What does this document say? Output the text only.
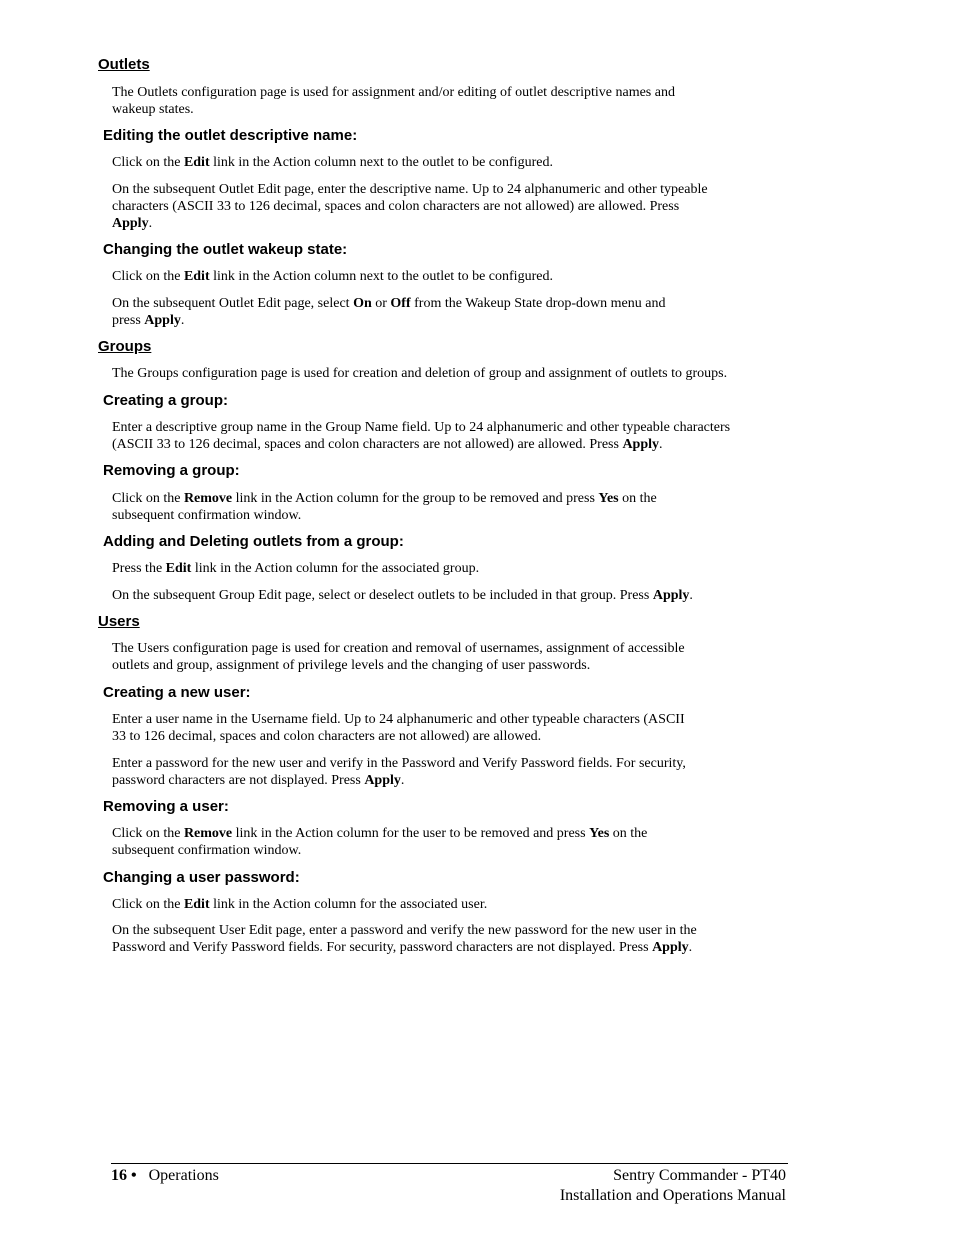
Outlets
The Outlets configuration page is used for assignment and/or editing of outlet descriptive names and
wakeup states.
Editing the outlet descriptive name:
Click on the Edit link in the Action column next to the outlet to be configured.
On the subsequent Outlet Edit page, enter the descriptive name. Up to 24 alphanumeric and other typeable
characters (ASCII 33 to 126 decimal, spaces and colon characters are not allowed) are allowed. Press
Apply.
Changing the outlet wakeup state:
Click on the Edit link in the Action column next to the outlet to be configured.
On the subsequent Outlet Edit page, select On or Off from the Wakeup State drop-down menu and
press Apply.
Groups
The Groups configuration page is used for creation and deletion of group and assignment of outlets to groups.
Creating a group:
Enter a descriptive group name in the Group Name field. Up to 24 alphanumeric and other typeable characters
(ASCII 33 to 126 decimal, spaces and colon characters are not allowed) are allowed. Press Apply.
Removing a group:
Click on the Remove link in the Action column for the group to be removed and press Yes on the
subsequent confirmation window.
Adding and Deleting outlets from a group:
Press the Edit link in the Action column for the associated group.
On the subsequent Group Edit page, select or deselect outlets to be included in that group. Press Apply.
Users
The Users configuration page is used for creation and removal of usernames, assignment of accessible
outlets and group, assignment of privilege levels and the changing of user passwords.
Creating a new user:
Enter a user name in the Username field. Up to 24 alphanumeric and other typeable characters (ASCII
33 to 126 decimal, spaces and colon characters are not allowed) are allowed.
Enter a password for the new user and verify in the Password and Verify Password fields. For security,
password characters are not displayed. Press Apply.
Removing a user:
Click on the Remove link in the Action column for the user to be removed and press Yes on the
subsequent confirmation window.
Changing a user password:
Click on the Edit link in the Action column for the associated user.
On the subsequent User Edit page, enter a password and verify the new password for the new user in the
Password and Verify Password fields. For security, password characters are not displayed. Press Apply.
16 • Operations	Sentry Commander - PT40
Installation and Operations Manual
